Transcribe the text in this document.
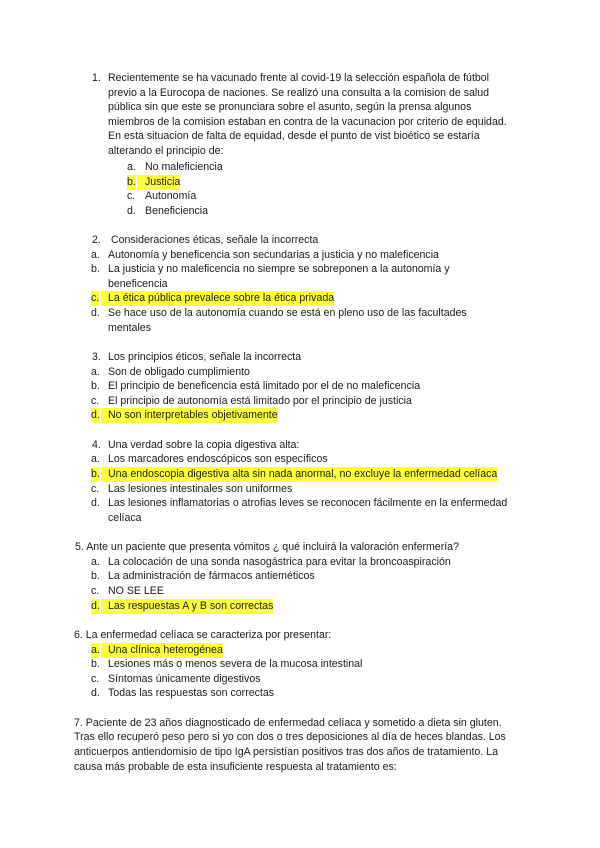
1. Recientemente se ha vacunado frente al covid-19 la selección española de fútbol
previo a la Eurocopa de naciones. Se realizó una consulta a la comision de salud
pública sin que este se pronunciara sobre el asunto, según la prensa algunos
miembros de la comision estaban en contra de la vacunacion por criterio de equidad.
En esta situacion de falta de equidad, desde el punto de vist bioético se estaría
alterando el principio de:
a. No maleficiencia
b. Justicia
c. Autonomía
d. Beneficiencia
2. Consideraciones éticas, señale la incorrecta
a. Autonomía y beneficencia son secundarias a justicia y no maleficencia
b. La justicia y no maleficencia no siempre se sobreponen a la autonomía y
beneficencia
c. La ética pública prevalece sobre la ética privada
d. Se hace uso de la autonomía cuando se está en pleno uso de las facultades
mentales
3. Los principios éticos, señale la incorrecta
a. Son de obligado cumplimiento
b. El principio de beneficencia está limitado por el de no maleficencia
c. El principio de autonomía está limitado por el principio de justicia
d. No son interpretables objetivamente
4. Una verdad sobre la copia digestiva alta:
a. Los marcadores endoscópicos son específicos
b. Una endoscopia digestiva alta sin nada anormal, no excluye la enfermedad celíaca
c. Las lesiones intestinales son uniformes
d. Las lesiones inflamatorias o atrofias leves se reconocen fácilmente en la enfermedad
celíaca
5. Ante un paciente que presenta vómitos ¿ qué incluirá la valoración enfermería?
a. La colocación de una sonda nasogástrica para evitar la broncoaspiración
b. La administración de fármacos antieméticos
c. NO SE LEE
d. Las respuestas A y B son correctas
6. La enfermedad celíaca se caracteriza por presentar:
a. Una clínica heterogénea
b. Lesiones más o menos severa de la mucosa intestinal
c. Síntomas únicamente digestivos
d. Todas las respuestas son correctas
7. Paciente de 23 años diagnosticado de enfermedad celíaca y sometido a dieta sin gluten.
Tras ello recuperó peso pero si yo con dos o tres deposiciones al día de heces blandas. Los
anticuerpos antiendomisio de tipo IgA persistían positivos tras dos años de tratamiento. La
causa más probable de esta insuficiente respuesta al tratamiento es:
